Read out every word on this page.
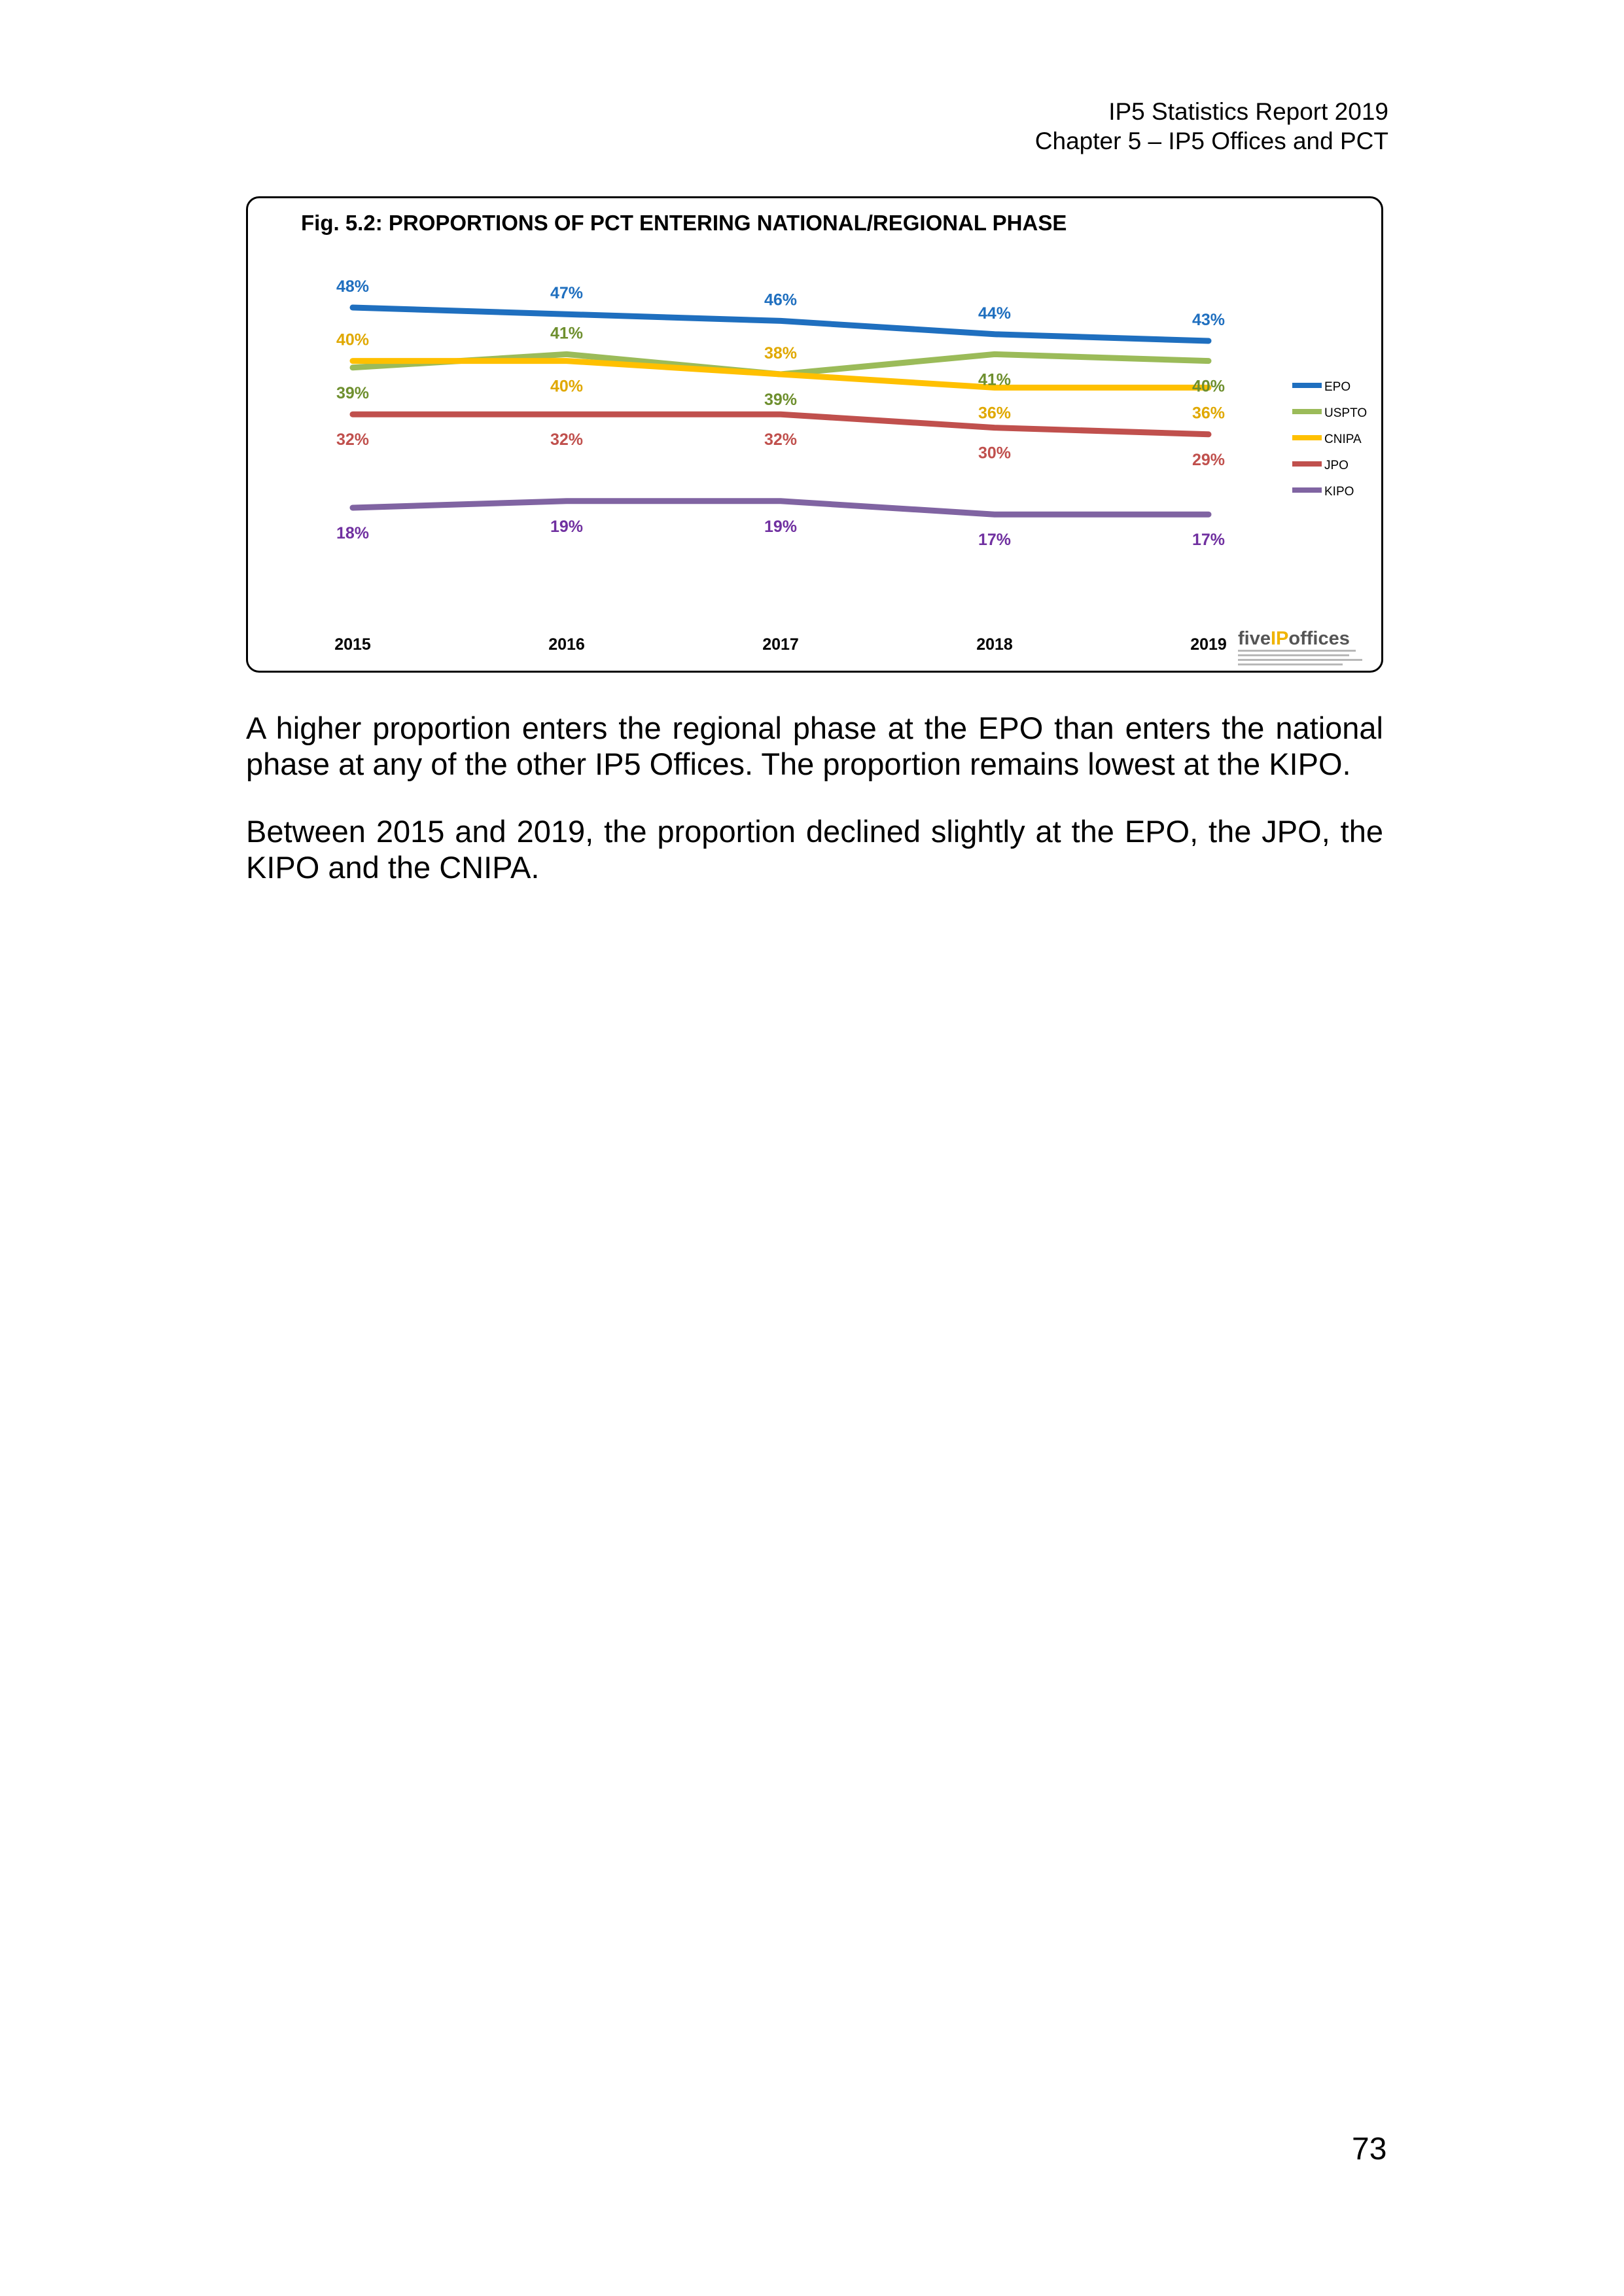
IP5 Statistics Report 2019
Chapter 5 – IP5 Offices and PCT
Fig. 5.2: PROPORTIONS OF PCT ENTERING NATIONAL/REGIONAL PHASE
48%	47%	46%
44%	43%
39%
41%
39%
41%	40%
40%
40%
38%
36%	36%
32%	32%	32%
30%	29%
18%	19%	19%
17%	17%
2015	2016	2017	2018	2019
EPO
USPTO
CNIPA
JPO
KIPO
fiveIPoffices
A higher proportion enters the regional phase at the EPO than enters the national phase at any of the other IP5 Offices. The proportion remains lowest at the KIPO.
Between 2015 and 2019, the proportion declined slightly at the EPO, the JPO, the KIPO and the CNIPA.
73
